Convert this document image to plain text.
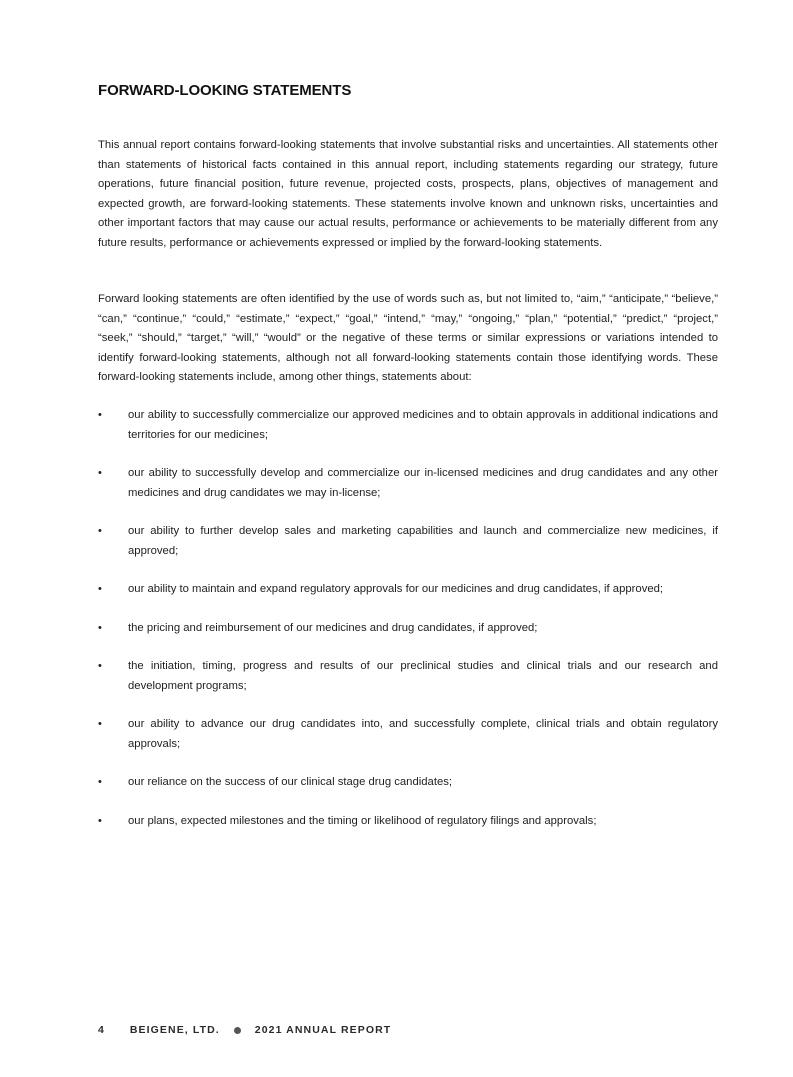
FORWARD-LOOKING STATEMENTS

This annual report contains forward-looking statements that involve substantial risks and uncertainties. All statements other than statements of historical facts contained in this annual report, including statements regarding our strategy, future operations, future financial position, future revenue, projected costs, prospects, plans, objectives of management and expected growth, are forward-looking statements. These statements involve known and unknown risks, uncertainties and other important factors that may cause our actual results, performance or achievements to be materially different from any future results, performance or achievements expressed or implied by the forward-looking statements.

Forward looking statements are often identified by the use of words such as, but not limited to, “aim,” “anticipate,” “believe,” “can,” “continue,” “could,” “estimate,” “expect,” “goal,” “intend,” “may,” “ongoing,” “plan,” “potential,” “predict,” “project,” “seek,” “should,” “target,” “will,” “would” or the negative of these terms or similar expressions or variations intended to identify forward-looking statements, although not all forward-looking statements contain those identifying words. These forward-looking statements include, among other things, statements about:

• our ability to successfully commercialize our approved medicines and to obtain approvals in additional indications and territories for our medicines;
• our ability to successfully develop and commercialize our in-licensed medicines and drug candidates and any other medicines and drug candidates we may in-license;
• our ability to further develop sales and marketing capabilities and launch and commercialize new medicines, if approved;
• our ability to maintain and expand regulatory approvals for our medicines and drug candidates, if approved;
• the pricing and reimbursement of our medicines and drug candidates, if approved;
• the initiation, timing, progress and results of our preclinical studies and clinical trials and our research and development programs;
• our ability to advance our drug candidates into, and successfully complete, clinical trials and obtain regulatory approvals;
• our reliance on the success of our clinical stage drug candidates;
• our plans, expected milestones and the timing or likelihood of regulatory filings and approvals;
4 BEIGENE, LTD.	2021 ANNUAL REPORT
